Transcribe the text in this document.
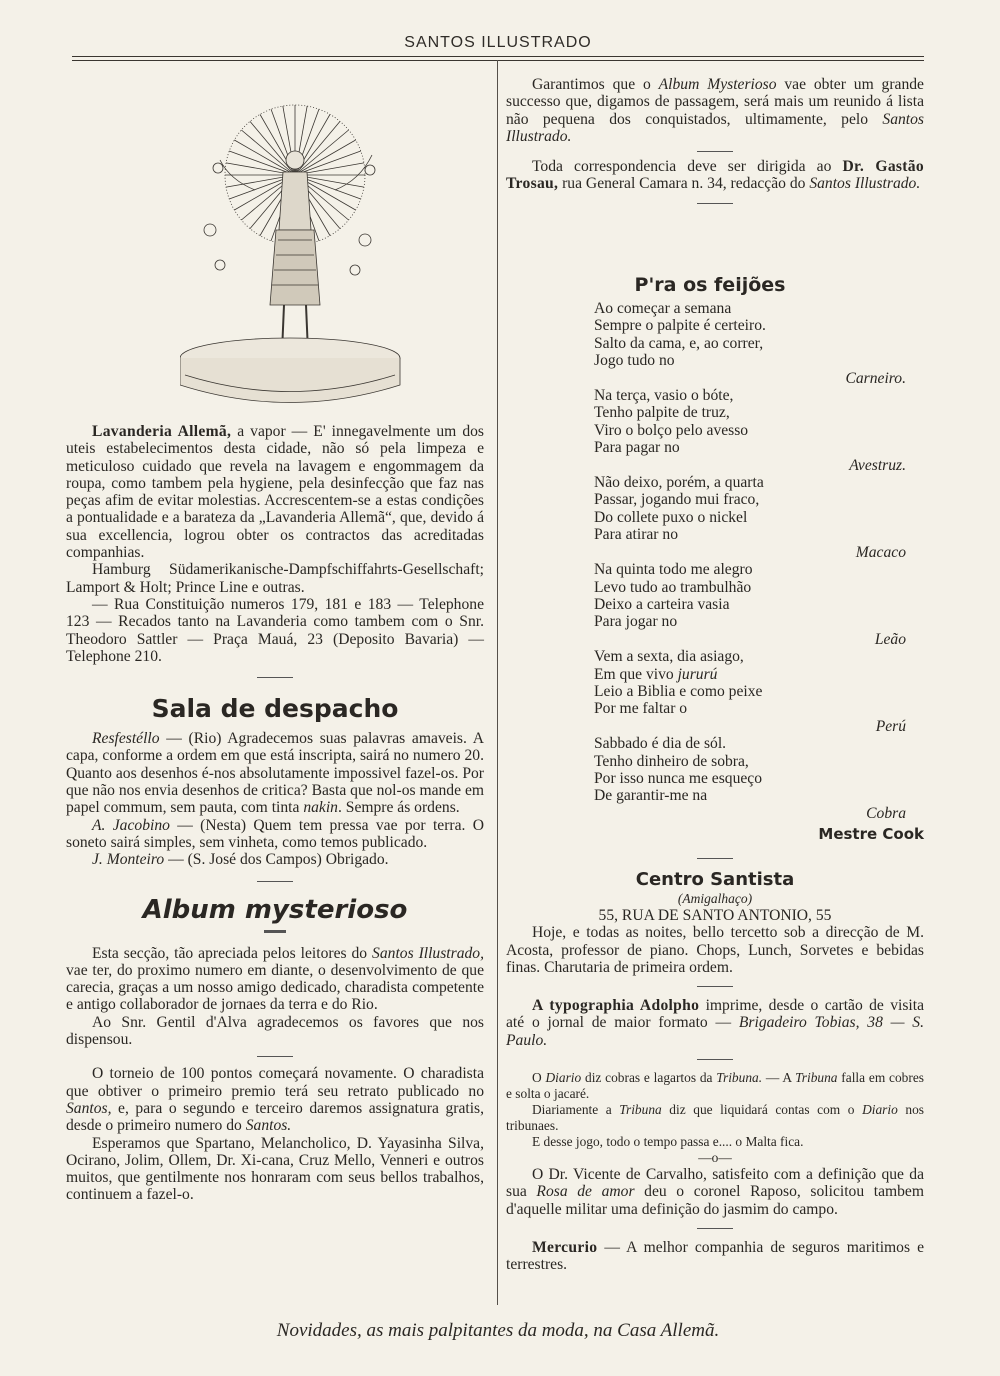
SANTOS ILLUSTRADO

Lavanderia Allemã, a vapor — E' innegavelmente um dos uteis estabelecimentos desta cidade, não só pela limpeza e meticuloso cuidado que revela na lavagem e engommagem da roupa, como tambem pela hygiene, pela desinfecção que faz nas peças afim de evitar molestias. Accrescentem-se a estas condições a pontualidade e a barateza da „Lavanderia Allemã“, que, devido á sua excellencia, logrou obter os contractos das acreditadas companhias.

Hamburg Südamerikanische-Dampfschiffahrts-Gesellschaft; Lamport & Holt; Prince Line e outras.

— Rua Constituição numeros 179, 181 e 183 — Telephone 123 — Recados tanto na Lavanderia como tambem com o Snr. Theodoro Sattler — Praça Mauá, 23 (Deposito Bavaria) — Telephone 210.

Sala de despacho

Resfestéllo — (Rio) Agradecemos suas palavras amaveis. A capa, conforme a ordem em que está inscripta, sairá no numero 20. Quanto aos desenhos é-nos absolutamente impossivel fazel-os. Por que não nos envia desenhos de critica? Basta que nol-os mande em papel commum, sem pauta, com tinta nakin. Sempre ás ordens.

A. Jacobino — (Nesta) Quem tem pressa vae por terra. O soneto sairá simples, sem vinheta, como temos publicado.

J. Monteiro — (S. José dos Campos) Obrigado.

Album mysterioso

Esta secção, tão apreciada pelos leitores do Santos Illustrado, vae ter, do proximo numero em diante, o desenvolvimento de que carecia, graças a um nosso amigo dedicado, charadista competente e antigo collaborador de jornaes da terra e do Rio.

Ao Snr. Gentil d'Alva agradecemos os favores que nos dispensou.

O torneio de 100 pontos começará novamente. O charadista que obtiver o primeiro premio terá seu retrato publicado no Santos, e, para o segundo e terceiro daremos assignatura gratis, desde o primeiro numero do Santos.

Esperamos que Spartano, Melancholico, D. Yayasinha Silva, Ocirano, Jolim, Ollem, Dr. Xi-cana, Cruz Mello, Venneri e outros muitos, que gentilmente nos honraram com seus bellos trabalhos, continuem a fazel-o.

Garantimos que o Album Mysterioso vae obter um grande successo que, digamos de passagem, será mais um reunido á lista não pequena dos conquistados, ultimamente, pelo Santos Illustrado.

Toda correspondencia deve ser dirigida ao Dr. Gastão Trosau, rua General Camara n. 34, redacção do Santos Illustrado.

P'ra os feijões

Ao começar a semana
Sempre o palpite é certeiro.
Salto da cama, e, ao correr,
Jogo tudo no
Carneiro.
Na terça, vasio o bóte,
Tenho palpite de truz,
Viro o bolço pelo avesso
Para pagar no
Avestruz.
Não deixo, porém, a quarta
Passar, jogando mui fraco,
Do collete puxo o nickel
Para atirar no
Macaco
Na quinta todo me alegro
Levo tudo ao trambulhão
Deixo a carteira vasia
Para jogar no
Leão
Vem a sexta, dia asiago,
Em que vivo jururú
Leio a Biblia e como peixe
Por me faltar o
Perú
Sabbado é dia de sól.
Tenho dinheiro de sobra,
Por isso nunca me esqueço
De garantir-me na
Cobra
Mestre Cook

Centro Santista

(Amigalhaço)

55, RUA DE SANTO ANTONIO, 55

Hoje, e todas as noites, bello tercetto sob a direcção de M. Acosta, professor de piano. Chops, Lunch, Sorvetes e bebidas finas. Charutaria de primeira ordem.

A typographia Adolpho imprime, desde o cartão de visita até o jornal de maior formato — Brigadeiro Tobias, 38 — S. Paulo.

O Diario diz cobras e lagartos da Tribuna. — A Tribuna falla em cobres e solta o jacaré.

Diariamente a Tribuna diz que liquidará contas com o Diario nos tribunaes.

E desse jogo, todo o tempo passa e.... o Malta fica.

—o—

O Dr. Vicente de Carvalho, satisfeito com a definição que da sua Rosa de amor deu o coronel Raposo, solicitou tambem d'aquelle militar uma definição do jasmim do campo.

Mercurio — A melhor companhia de seguros maritimos e terrestres.

Novidades, as mais palpitantes da moda, na Casa Allemã.
